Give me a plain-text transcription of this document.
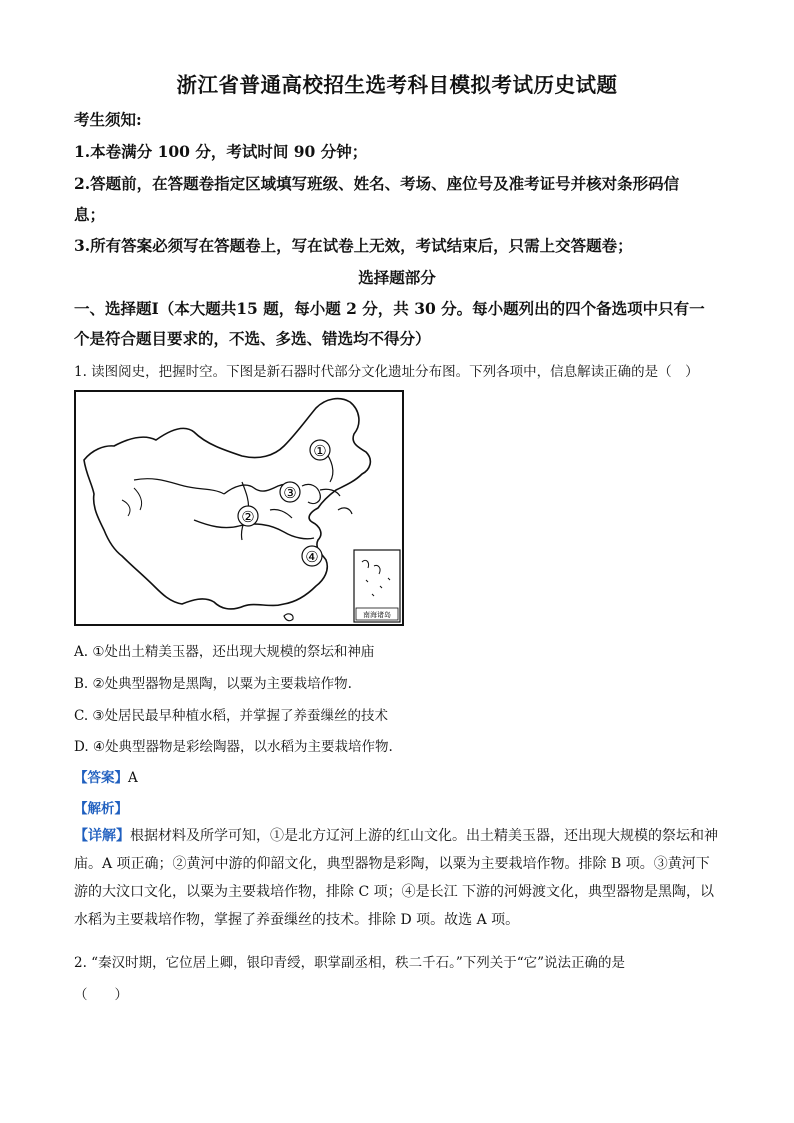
浙江省普通高校招生选考科目模拟考试历史试题
考生须知:
1.本卷满分 100 分，考试时间 90 分钟；
2.答题前，在答题卷指定区域填写班级、姓名、考场、座位号及准考证号并核对条形码信
息；
3.所有答案必须写在答题卷上，写在试卷上无效，考试结束后，只需上交答题卷；
选择题部分
一、选择题Ⅰ（本大题共15 题，每小题 2 分，共 30 分。每小题列出的四个备选项中只有一
个是符合题目要求的，不选、多选、错选均不得分）
1. 读图阅史，把握时空。下图是新石器时代部分文化遗址分布图。下列各项中，信息解读正确的是（　）
①
②
③
④
南海诸岛
A. ①处出土精美玉器，还出现大规模的祭坛和神庙
B. ②处典型器物是黑陶，以粟为主要栽培作物.
C. ③处居民最早种植水稻，并掌握了养蚕缫丝的技术
D. ④处典型器物是彩绘陶器，以水稻为主要栽培作物.
【答案】A
【解析】
【详解】根据材料及所学可知，①是北方辽河上游的红山文化。出土精美玉器，还出现大规模的祭坛和神
庙。A 项正确；②黄河中游的仰韶文化，典型器物是彩陶，以粟为主要栽培作物。排除 B 项。③黄河下
游的大汶口文化，以粟为主要栽培作物，排除 C 项；④是长江 下游的河姆渡文化，典型器物是黑陶，以
水稻为主要栽培作物，掌握了养蚕缫丝的技术。排除 D 项。故选 A 项。
2. “秦汉时期，它位居上卿，银印青绶，职掌副丞相，秩二千石。”下列关于“它”说法正确的是
（　　）
